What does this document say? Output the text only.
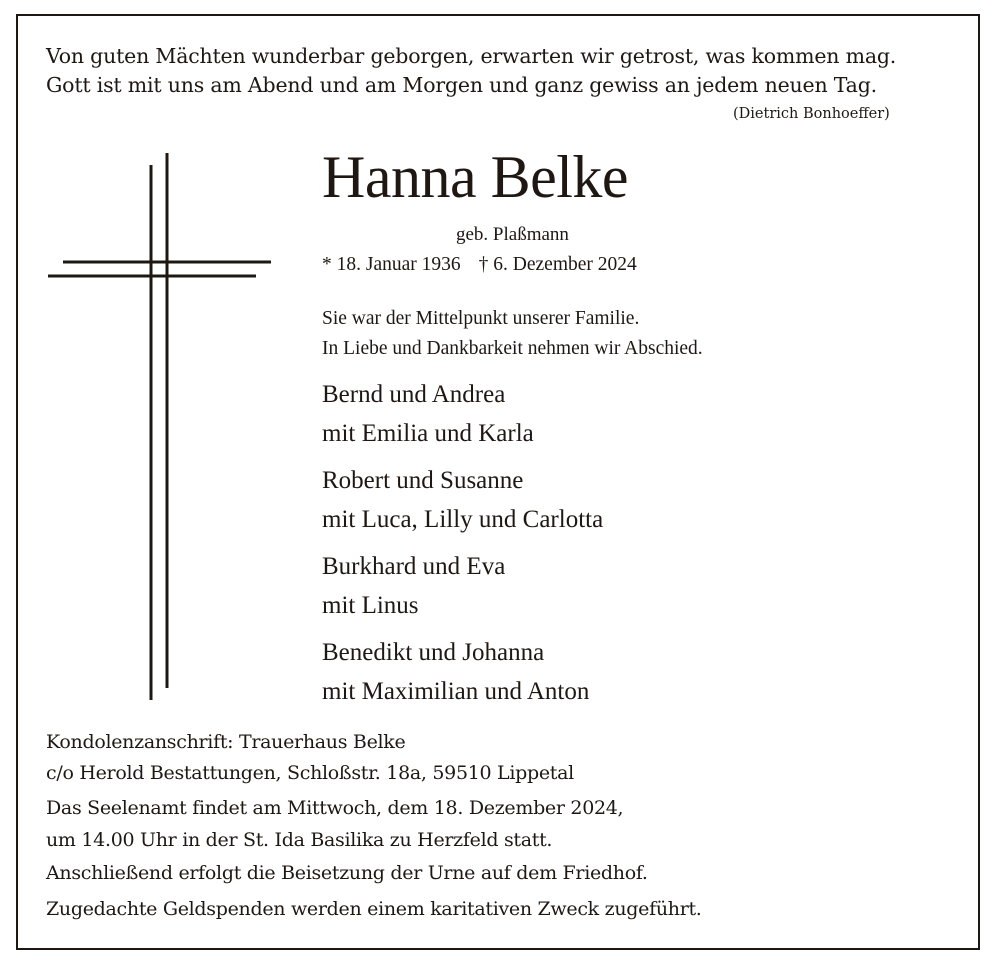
Von guten Mächten wunderbar geborgen, erwarten wir getrost, was kommen mag.
Gott ist mit uns am Abend und am Morgen und ganz gewiss an jedem neuen Tag.
(Dietrich Bonhoeffer)
Hanna Belke
geb. Plaßmann
* 18. Januar 1936 † 6. Dezember 2024
Sie war der Mittelpunkt unserer Familie.
In Liebe und Dankbarkeit nehmen wir Abschied.
Bernd und Andrea
mit Emilia und Karla
Robert und Susanne
mit Luca, Lilly und Carlotta
Burkhard und Eva
mit Linus
Benedikt und Johanna
mit Maximilian und Anton
Kondolenzanschrift: Trauerhaus Belke
c/o Herold Bestattungen, Schloßstr. 18a, 59510 Lippetal
Das Seelenamt findet am Mittwoch, dem 18. Dezember 2024,
um 14.00 Uhr in der St. Ida Basilika zu Herzfeld statt.
Anschließend erfolgt die Beisetzung der Urne auf dem Friedhof.
Zugedachte Geldspenden werden einem karitativen Zweck zugeführt.
